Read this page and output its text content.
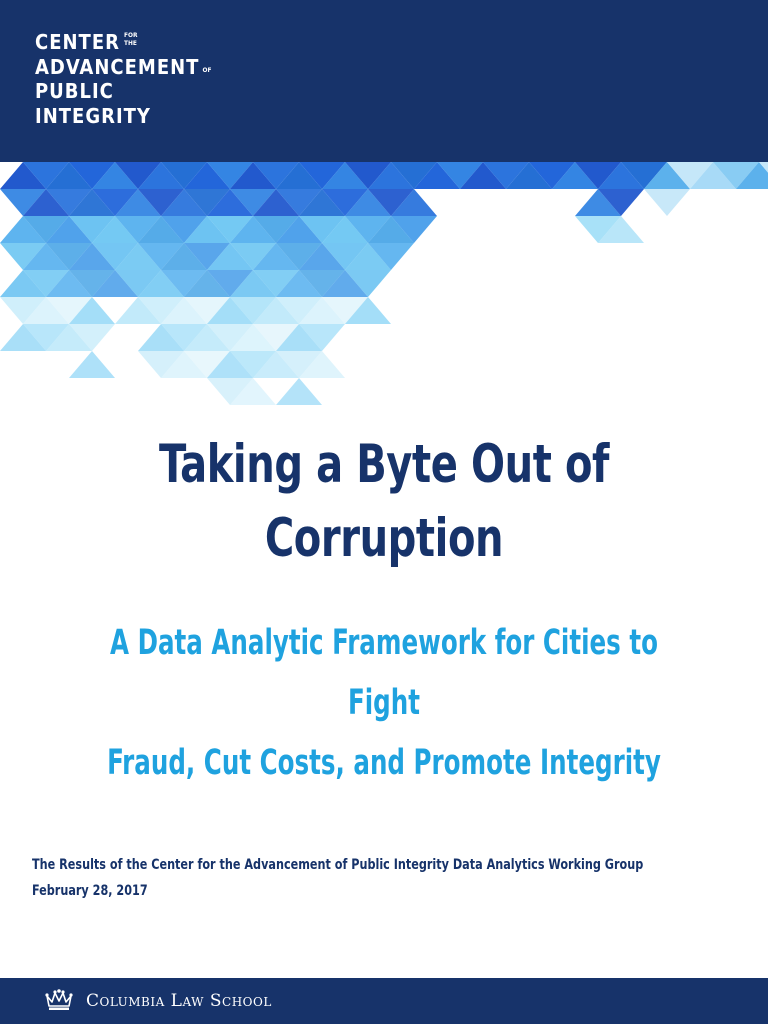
CENTER FOR
THE
ADVANCEMENT OF
PUBLIC
INTEGRITY
Taking a Byte Out of
Corruption
A Data Analytic Framework for Cities to Fight
Fraud, Cut Costs, and Promote Integrity
The Results of the Center for the Advancement of Public Integrity Data Analytics Working Group
February 28, 2017
Columbia Law School
